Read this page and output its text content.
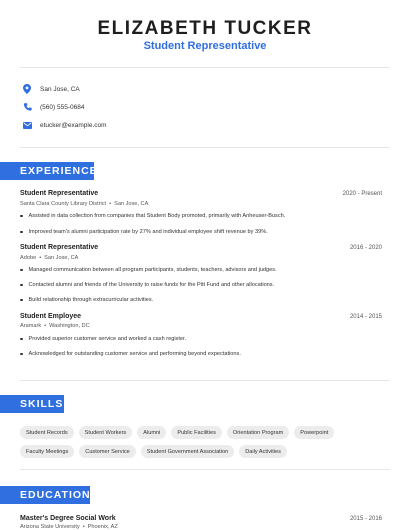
ELIZABETH TUCKER
Student Representative
San Jose, CA
(560) 555-0684
etucker@example.com
EXPERIENCE
Student Representative	2020 - Present
Santa Clara County Library District • San Jose, CA
Assisted in data collection from companies that Student Body promoted, primarily with Anheuser-Busch.
Improved team's alumni participation rate by 27% and individual employee shift revenue by 39%.
Student Representative	2016 - 2020
Adobe • San Jose, CA
Managed communication between all program participants, students, teachers, advisors and judges.
Contacted alumni and friends of the University to raise funds for the Pitt Fund and other allocations.
Build relationship through extracurricular activities.
Student Employee	2014 - 2015
Aramark • Washington, DC
Provided superior customer service and worked a cash register.
Acknowledged for outstanding customer service and performing beyond expectations.
SKILLS
Student Records	Student Workers	Alumni	Public Facilities	Orientation Program	Powerpoint
Faculty Meetings	Customer Service	Student Government Association	Daily Activities
EDUCATION
Master's Degree Social Work	2015 - 2016
Arizona State University • Phoenix, AZ
